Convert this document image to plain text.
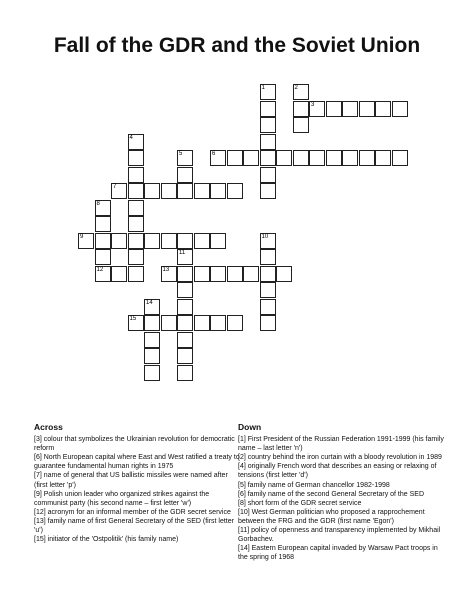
Fall of the GDR and the Soviet Union
1	2
3
4
5	6
7
8
9	10
11
12	13
14
15
Across

[3] colour that symbolizes the Ukrainian revolution for democratic reform

[6] North European capital where East and West ratified a treaty to guarantee fundamental human rights in 1975

[7] name of general that US ballistic missiles were named after (first letter 'p')

[9] Polish union leader who organized strikes against the communist party (his second name – first letter 'w')

[12] acronym for an informal member of the GDR secret service

[13] family name of first General Secretary of the SED (first letter 'u')

[15] initiator of the 'Ostpolitik' (his family name)

Down

[1] First President of the Russian Federation 1991-1999 (his family name – last letter 'n')

[2] country behind the iron curtain with a bloody revolution in 1989

[4] originally French word that describes an easing or relaxing of tensions (first letter 'd')

[5] family name of German chancellor 1982-1998

[6] family name of the second General Secretary of the SED

[8] short form of the GDR secret service

[10] West German politician who proposed a rapprochement between the FRG and the GDR (first name 'Egon')

[11] policy of openness and transparency implemented by Mikhail Gorbachev.

[14] Eastern European capital invaded by Warsaw Pact troops in the spring of 1968
